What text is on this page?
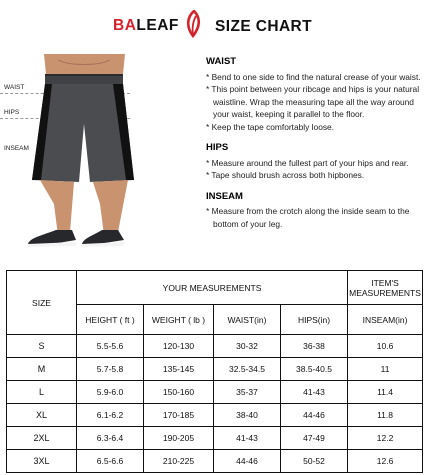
BALEAF SIZE CHART
WAIST
HIPS
INSEAM
WAIST
* Bend to one side to find the natural crease of your waist.
* This point between your ribcage and hips is your natural waistline. Wrap the measuring tape all the way around your waist, keeping it parallel to the floor.
* Keep the tape comfortably loose.
HIPS
* Measure around the fullest part of your hips and rear.
* Tape should brush across both hipbones.
INSEAM
* Measure from the crotch along the inside seam to the bottom of your leg.
SIZE	YOUR MEASUREMENTS				ITEM'S MEASUREMENTS
	HEIGHT ( ft )	WEIGHT ( lb )	WAIST(in)	HIPS(in)	INSEAM(in)
S	5.5-5.6	120-130	30-32	36-38	10.6
M	5.7-5.8	135-145	32.5-34.5	38.5-40.5	11
L	5.9-6.0	150-160	35-37	41-43	11.4
XL	6.1-6.2	170-185	38-40	44-46	11.8
2XL	6.3-6.4	190-205	41-43	47-49	12.2
3XL	6.5-6.6	210-225	44-46	50-52	12.6
